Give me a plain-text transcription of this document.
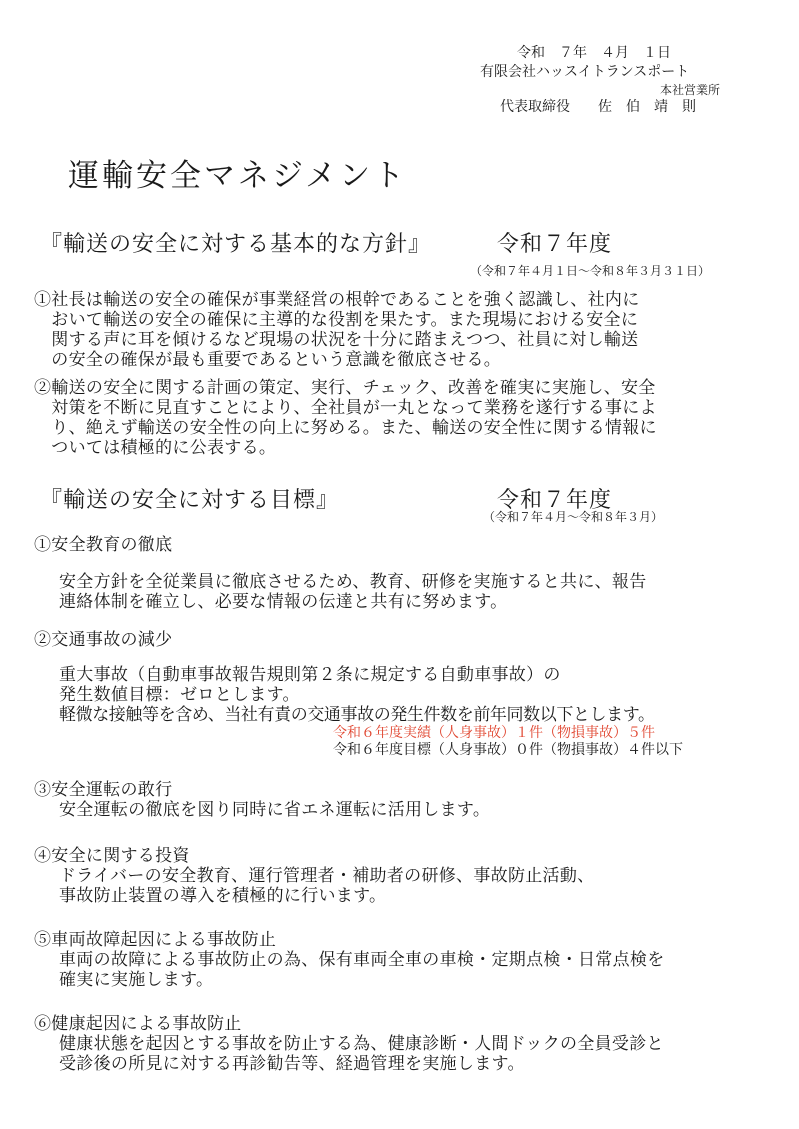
令和　７年　４月　１日
有限会社ハッスイトランスポート
本社営業所
代表取締役　　佐　伯　靖　則
運輸安全マネジメント
『輸送の安全に対する基本的な方針』	令和７年度
（令和７年４月１日～令和８年３月３１日）
①社長は輸送の安全の確保が事業経営の根幹であることを強く認識し、社内に
　おいて輸送の安全の確保に主導的な役割を果たす。また現場における安全に
　関する声に耳を傾けるなど現場の状況を十分に踏まえつつ、社員に対し輸送
　の安全の確保が最も重要であるという意識を徹底させる。
②輸送の安全に関する計画の策定、実行、チェック、改善を確実に実施し、安全
　対策を不断に見直すことにより、全社員が一丸となって業務を遂行する事によ
　り、絶えず輸送の安全性の向上に努める。また、輸送の安全性に関する情報に
　ついては積極的に公表する。
『輸送の安全に対する目標』	令和７年度
（令和７年４月～令和８年３月）
①安全教育の徹底
安全方針を全従業員に徹底させるため、教育、研修を実施すると共に、報告
連絡体制を確立し、必要な情報の伝達と共有に努めます。
②交通事故の減少
重大事故（自動車事故報告規則第２条に規定する自動車事故）の
発生数値目標：ゼロとします。
軽微な接触等を含め、当社有責の交通事故の発生件数を前年同数以下とします。
令和６年度実績（人身事故）１件（物損事故）５件
令和６年度目標（人身事故）０件（物損事故）４件以下
③安全運転の敢行
安全運転の徹底を図り同時に省エネ運転に活用します。
④安全に関する投資
ドライバーの安全教育、運行管理者・補助者の研修、事故防止活動、
事故防止装置の導入を積極的に行います。
⑤車両故障起因による事故防止
車両の故障による事故防止の為、保有車両全車の車検・定期点検・日常点検を
確実に実施します。
⑥健康起因による事故防止
健康状態を起因とする事故を防止する為、健康診断・人間ドックの全員受診と
受診後の所見に対する再診勧告等、経過管理を実施します。
